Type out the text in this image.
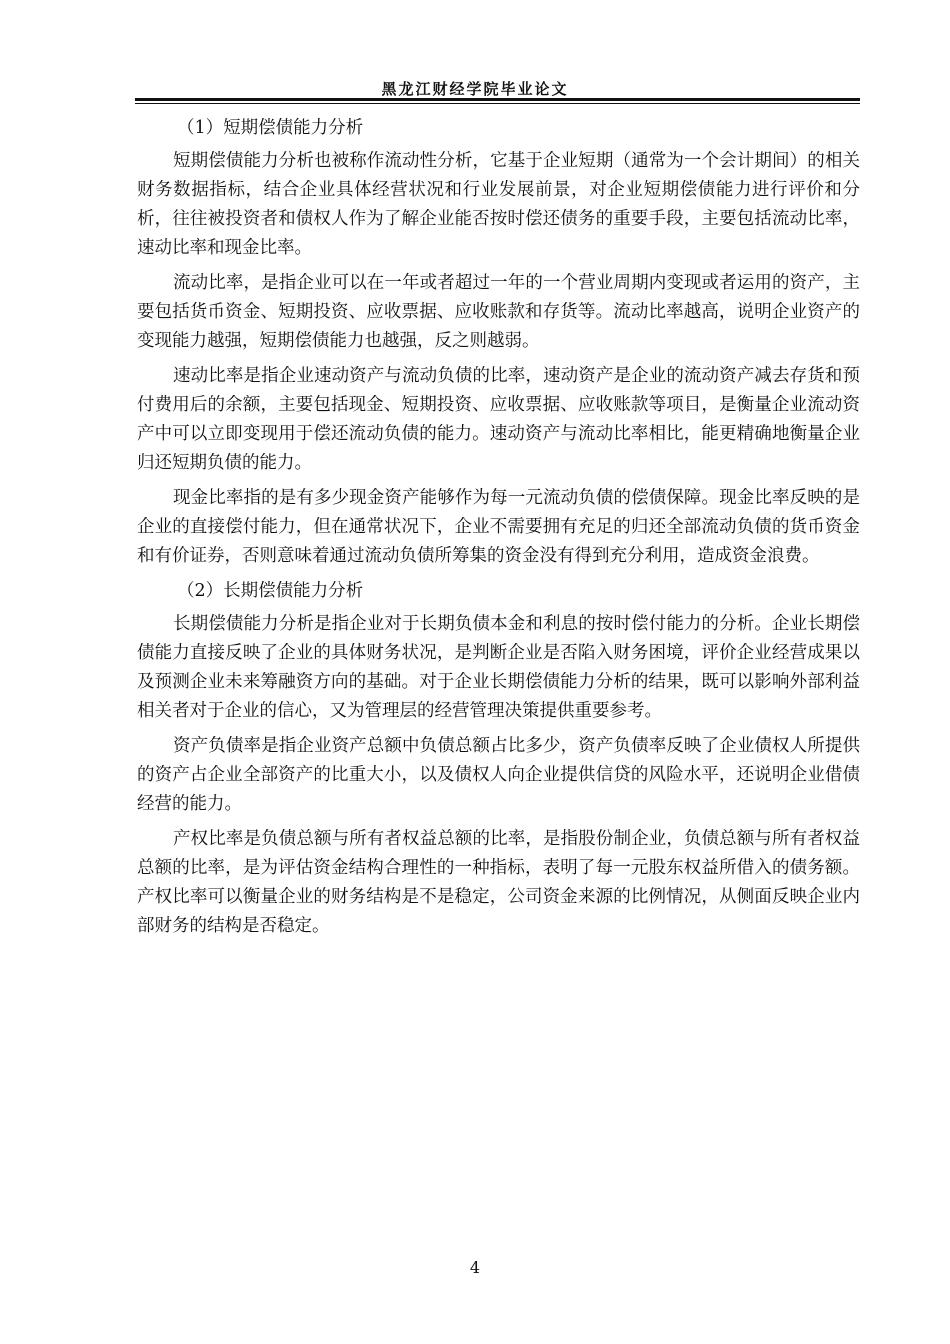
黑龙江财经学院毕业论文

（1）短期偿债能力分析

短期偿债能力分析也被称作流动性分析，它基于企业短期（通常为一个会计期间）的相关财务数据指标，结合企业具体经营状况和行业发展前景，对企业短期偿债能力进行评价和分析，往往被投资者和债权人作为了解企业能否按时偿还债务的重要手段，主要包括流动比率，速动比率和现金比率。

流动比率，是指企业可以在一年或者超过一年的一个营业周期内变现或者运用的资产，主要包括货币资金、短期投资、应收票据、应收账款和存货等。流动比率越高，说明企业资产的变现能力越强，短期偿债能力也越强，反之则越弱。

速动比率是指企业速动资产与流动负债的比率，速动资产是企业的流动资产减去存货和预付费用后的余额，主要包括现金、短期投资、应收票据、应收账款等项目，是衡量企业流动资产中可以立即变现用于偿还流动负债的能力。速动资产与流动比率相比，能更精确地衡量企业归还短期负债的能力。

现金比率指的是有多少现金资产能够作为每一元流动负债的偿债保障。现金比率反映的是企业的直接偿付能力，但在通常状况下，企业不需要拥有充足的归还全部流动负债的货币资金和有价证券，否则意味着通过流动负债所筹集的资金没有得到充分利用，造成资金浪费。

（2）长期偿债能力分析

长期偿债能力分析是指企业对于长期负债本金和利息的按时偿付能力的分析。企业长期偿债能力直接反映了企业的具体财务状况，是判断企业是否陷入财务困境，评价企业经营成果以及预测企业未来筹融资方向的基础。对于企业长期偿债能力分析的结果，既可以影响外部利益相关者对于企业的信心，又为管理层的经营管理决策提供重要参考。

资产负债率是指企业资产总额中负债总额占比多少，资产负债率反映了企业债权人所提供的资产占企业全部资产的比重大小，以及债权人向企业提供信贷的风险水平，还说明企业借债经营的能力。

产权比率是负债总额与所有者权益总额的比率，是指股份制企业，负债总额与所有者权益总额的比率，是为评估资金结构合理性的一种指标，表明了每一元股东权益所借入的债务额。 产权比率可以衡量企业的财务结构是不是稳定，公司资金来源的比例情况，从侧面反映企业内部财务的结构是否稳定。

4
